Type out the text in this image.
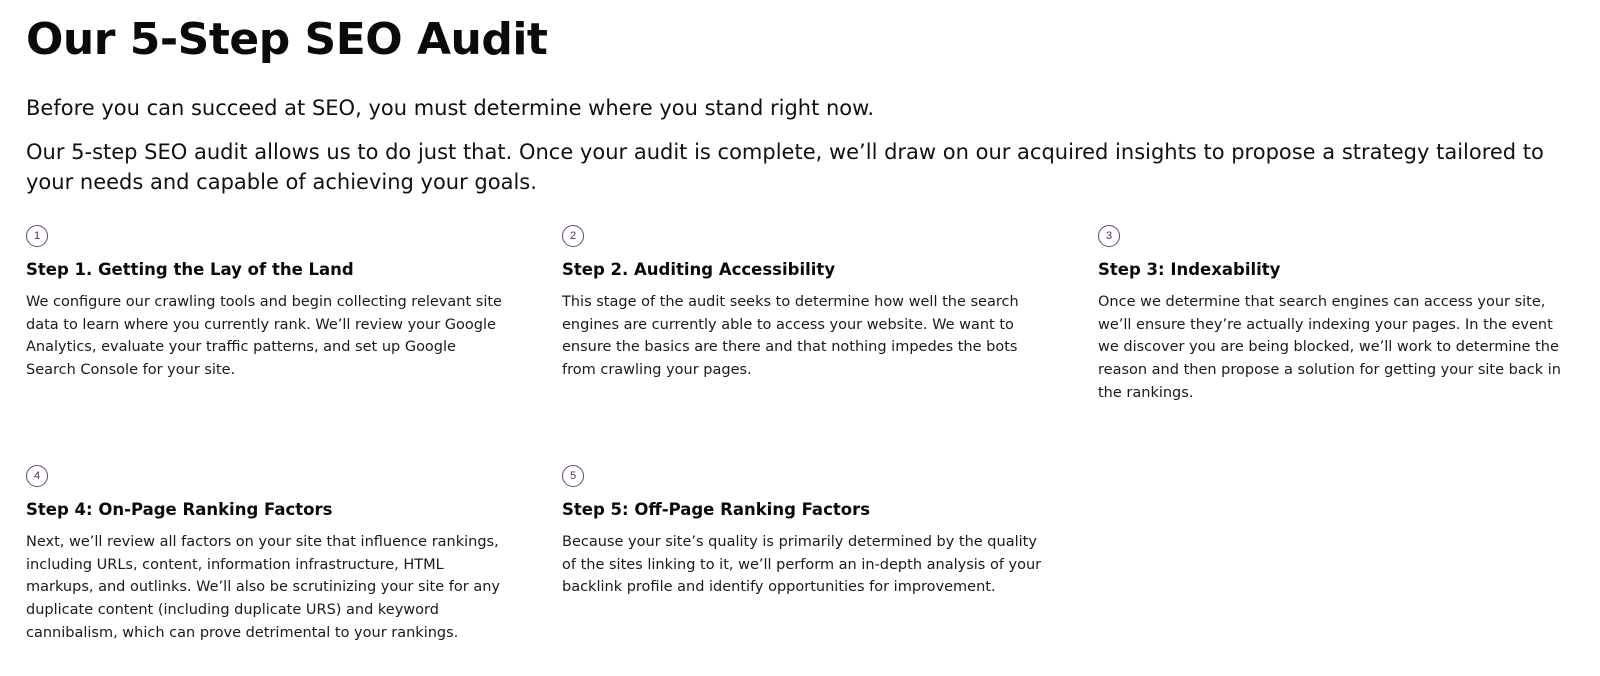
Our 5-Step SEO Audit

Before you can succeed at SEO, you must determine where you stand right now.

Our 5-step SEO audit allows us to do just that. Once your audit is complete, we’ll draw on our acquired insights to propose a strategy tailored to your needs and capable of achieving your goals.

1
Step 1. Getting the Lay of the Land

We configure our crawling tools and begin collecting relevant site data to learn where you currently rank. We’ll review your Google Analytics, evaluate your traffic patterns, and set up Google Search Console for your site.

2
Step 2. Auditing Accessibility

This stage of the audit seeks to determine how well the search engines are currently able to access your website. We want to ensure the basics are there and that nothing impedes the bots from crawling your pages.

3
Step 3: Indexability

Once we determine that search engines can access your site, we’ll ensure they’re actually indexing your pages. In the event we discover you are being blocked, we’ll work to determine the reason and then propose a solution for getting your site back in the rankings.

4
Step 4: On-Page Ranking Factors

Next, we’ll review all factors on your site that influence rankings, including URLs, content, information infrastructure, HTML markups, and outlinks. We’ll also be scrutinizing your site for any duplicate content (including duplicate URS) and keyword cannibalism, which can prove detrimental to your rankings.

5
Step 5: Off-Page Ranking Factors

Because your site’s quality is primarily determined by the quality of the sites linking to it, we’ll perform an in-depth analysis of your backlink profile and identify opportunities for improvement.
